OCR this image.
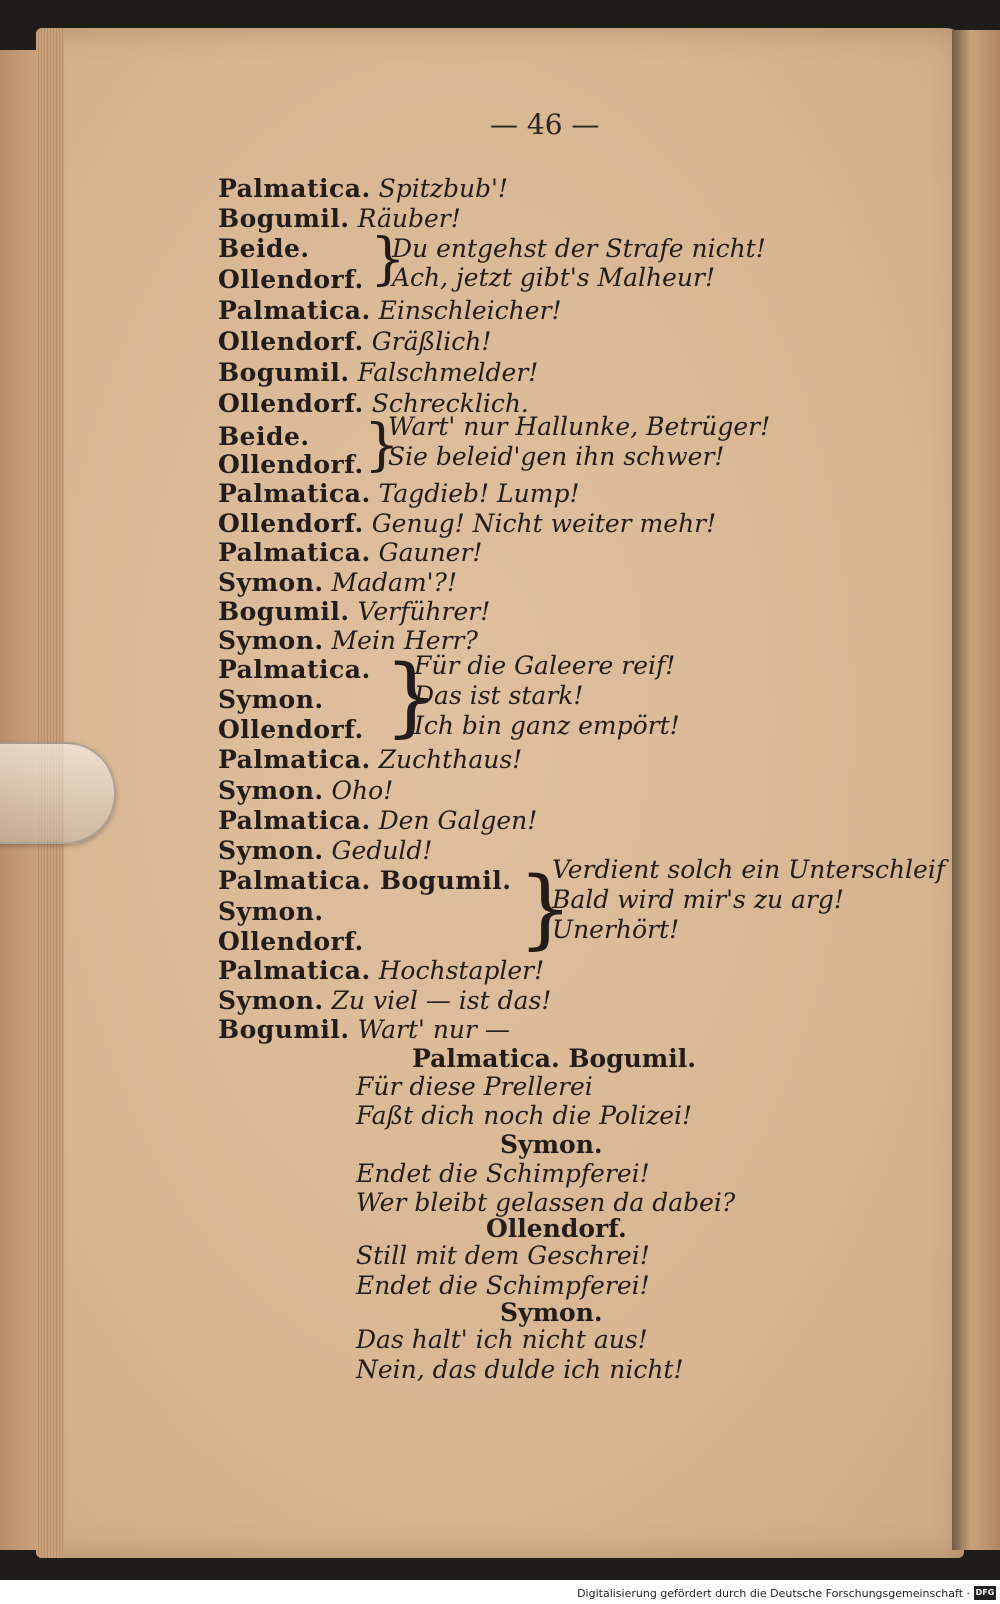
— 46 —
Palmatica. Spitzbub'!
Bogumil. Räuber!
Beide.
Ollendorf.
Palmatica. Einschleicher!
Ollendorf. Gräßlich!
Bogumil. Falschmelder!
Ollendorf. Schrecklich.
Beide.
Ollendorf.
Palmatica. Tagdieb! Lump!
Ollendorf. Genug! Nicht weiter mehr!
Palmatica. Gauner!
Symon. Madam'?!
Bogumil. Verführer!
Symon. Mein Herr?
Palmatica.
Symon.
Ollendorf.
Palmatica. Zuchthaus!
Symon. Oho!
Palmatica. Den Galgen!
Symon. Geduld!
Palmatica. Bogumil.
Symon.
Ollendorf.
Palmatica. Hochstapler!
Symon. Zu viel — ist das!
Bogumil. Wart' nur —
}
Du entgehst der Strafe nicht!
Ach, jetzt gibt's Malheur!
}
Wart' nur Hallunke, Betrüger!
Sie beleid'gen ihn schwer!
}
Für die Galeere reif!
Das ist stark!
Ich bin ganz empört!
}
Verdient solch ein Unterschleif
Bald wird mir's zu arg!
Unerhört!
Palmatica. Bogumil.
Für diese Prellerei
Faßt dich noch die Polizei!
Symon.
Endet die Schimpferei!
Wer bleibt gelassen da dabei?
Ollendorf.
Still mit dem Geschrei!
Endet die Schimpferei!
Symon.
Das halt' ich nicht aus!
Nein, das dulde ich nicht!
Digitalisierung gefördert durch die Deutsche Forschungsgemeinschaft · DFG
